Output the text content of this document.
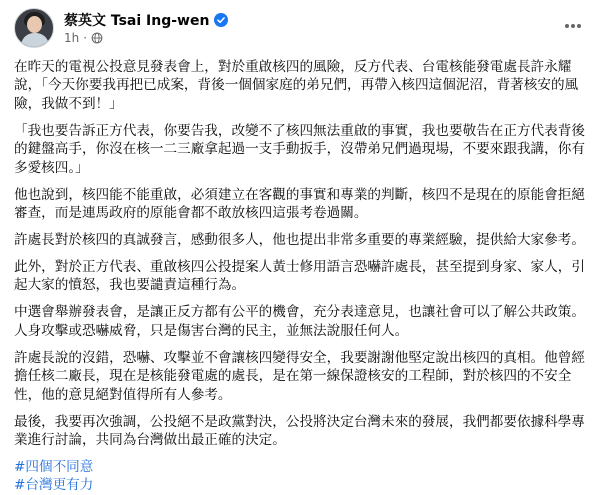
蔡英文 Tsai Ing-wen
1h ·

在昨天的電視公投意見發表會上，對於重啟核四的風險，反方代表、台電核能發電處長許永耀說，「今天你要我再把已成案，背後一個個家庭的弟兄們，再帶入核四這個泥沼，背著核安的風險，我做不到！」

「我也要告訴正方代表，你要告我，改變不了核四無法重啟的事實，我也要敬告在正方代表背後的鍵盤高手，你沒在核一二三廠拿起過一支手動扳手，沒帶弟兄們過現場，不要來跟我講，你有多愛核四。」

他也說到，核四能不能重啟，必須建立在客觀的事實和專業的判斷，核四不是現在的原能會拒絕審查，而是連馬政府的原能會都不敢放核四這張考卷過關。

許處長對於核四的真誠發言，感動很多人，他也提出非常多重要的專業經驗，提供給大家參考。

此外，對於正方代表、重啟核四公投提案人黃士修用語言恐嚇許處長，甚至提到身家、家人，引起大家的憤怒，我也要譴責這種行為。

中選會舉辦發表會，是讓正反方都有公平的機會，充分表達意見，也讓社會可以了解公共政策。人身攻擊或恐嚇威脅，只是傷害台灣的民主，並無法說服任何人。

許處長說的沒錯，恐嚇、攻擊並不會讓核四變得安全，我要謝謝他堅定說出核四的真相。他曾經擔任核二廠長，現在是核能發電處的處長，是在第一線保證核安的工程師，對於核四的不安全性，他的意見絕對值得所有人參考。

最後，我要再次強調，公投絕不是政黨對決，公投將決定台灣未來的發展，我們都要依據科學專業進行討論，共同為台灣做出最正確的決定。

#四個不同意
#台灣更有力
